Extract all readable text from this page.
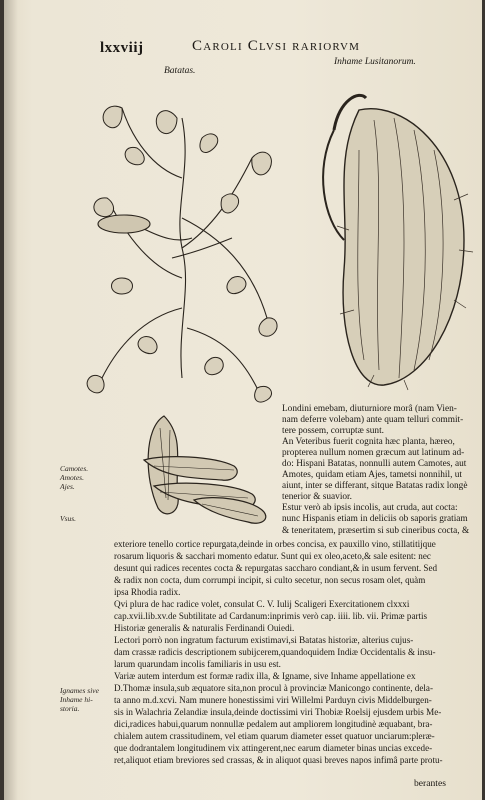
lxxviij	Caroli Clvsi rariorvm
Batatas.
Inhame Lusitanorum.
Camotes.
Amotes.
Ajes.
Vsus.
Ignames sive
Inhame hi-
storia.
Londini emebam, diuturniore morâ (nam Vien-
nam deferre volebam) ante quam telluri commit-
tere possem, corruptæ sunt.
An Veteribus fuerit cognita hæc planta, hæreo,
propterea nullum nomen græcum aut latinum ad-
do: Hispani Batatas, nonnulli autem Camotes, aut
Amotes, quidam etiam Ajes, tametsi nonnihil, ut
aiunt, inter se differant, sitque Batatas radix longè
tenerior & suavior.
Estur verò ab ipsis incolis, aut cruda, aut cocta:
nunc Hispanis etiam in deliciis ob saporis gratiam
& teneritatem, præsertim si sub cineribus cocta, &
exteriore tenello cortice repurgata,deinde in orbes concisa, ex pauxillo vino, stillatitijque
rosarum liquoris & sacchari momento edatur. Sunt qui ex oleo,aceto,& sale esitent: nec
desunt qui radices recentes cocta & repurgatas saccharo condiant,& in usum fervent. Sed
& radix non cocta, dum corrumpi incipit, si culto secetur, non secus rosam olet, quàm
ipsa Rhodia radix.
Qvi plura de hac radice volet, consulat C. V. Iulij Scaligeri Exercitationem clxxxi
cap.xvii.lib.xv.de Subtilitate ad Cardanum:inprimis verò cap. iiii. lib. vii. Primæ partis
Historiæ generalis & naturalis Ferdinandi Ouiedi.
Lectori porrò non ingratum facturum existimavi,si Batatas historiæ, alterius cujus-
dam crassæ radicis descriptionem subijcerem,quandoquidem Indiæ Occidentalis & insu-
larum quarundam incolis familiaris in usu est.
Variæ autem interdum est formæ radix illa, & Igname, sive Inhame appellatione ex
D.Thomæ insula,sub æquatore sita,non procul à provinciæ Manicongo continente, dela-
ta anno m.d.xcvi. Nam munere honestissimi viri Willelmi Parduyn civis Middelburgen-
sis in Walachria Zelandiæ insula,deinde doctissimi viri Thobiæ Roelsij ejusdem urbis Me-
dici,radices habui,quarum nonnullæ pedalem aut ampliorem longitudinè æquabant, bra-
chialem autem crassitudinem, vel etiam quarum diameter esset quatuor unciarum:pleræ-
que dodrantalem longitudinem vix attingerent,nec earum diameter binas uncias excede-
ret,aliquot etiam breviores sed crassas, & in aliquot quasi breves napos infimâ parte protu-
berantes
